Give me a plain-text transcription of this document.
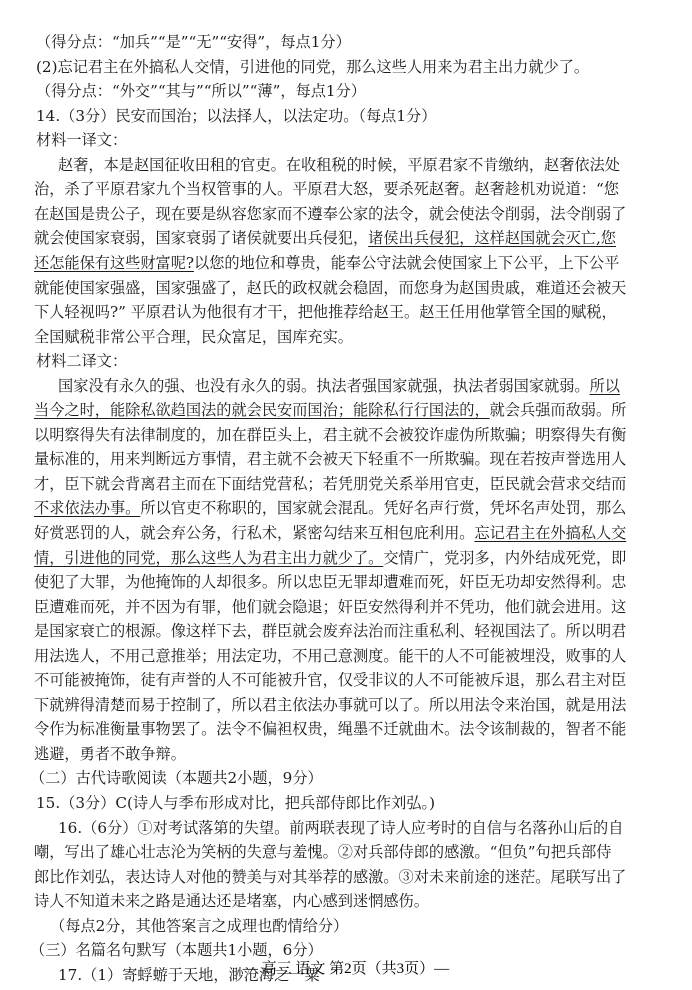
（得分点：“加兵”“是”“无”“安得”，每点1分）
(2)忘记君主在外搞私人交情，引进他的同党，那么这些人用来为君主出力就少了。
（得分点：“外交”“其与”“所以”“薄”，每点1分）
14.（3分）民安而国治；以法择人，以法定功。（每点1分）
材料一译文：
赵奢，本是赵国征收田租的官吏。在收租税的时候，平原君家不肯缴纳，赵奢依法处
治，杀了平原君家九个当权管事的人。平原君大怒，要杀死赵奢。赵奢趁机劝说道：“您
在赵国是贵公子，现在要是纵容您家而不遵奉公家的法令，就会使法令削弱，法令削弱了
就会使国家衰弱，国家衰弱了诸侯就要出兵侵犯，诸侯出兵侵犯，这样赵国就会灭亡,您
还怎能保有这些财富呢?以您的地位和尊贵，能奉公守法就会使国家上下公平，上下公平
就能使国家强盛，国家强盛了，赵氏的政权就会稳固，而您身为赵国贵戚，难道还会被天
下人轻视吗?” 平原君认为他很有才干，把他推荐给赵王。赵王任用他掌管全国的赋税，
全国赋税非常公平合理，民众富足，国库充实。
材料二译文：
国家没有永久的强、也没有永久的弱。执法者强国家就强，执法者弱国家就弱。所以
当今之时，能除私欲趋国法的就会民安而国治；能除私行行国法的，就会兵强而敌弱。所
以明察得失有法律制度的，加在群臣头上，君主就不会被狡诈虚伪所欺骗；明察得失有衡
量标准的，用来判断远方事情，君主就不会被天下轻重不一所欺骗。现在若按声誉选用人
才，臣下就会背离君主而在下面结党营私；若凭朋党关系举用官吏，臣民就会营求交结而
不求依法办事。所以官吏不称职的，国家就会混乱。凭好名声行赏，凭坏名声处罚，那么
好赏恶罚的人，就会弃公务，行私术，紧密勾结来互相包庇利用。忘记君主在外搞私人交
情，引进他的同党，那么这些人为君主出力就少了。交情广，党羽多，内外结成死党，即
使犯了大罪，为他掩饰的人却很多。所以忠臣无罪却遭难而死，奸臣无功却安然得利。忠
臣遭难而死，并不因为有罪，他们就会隐退；奸臣安然得利并不凭功，他们就会进用。这
是国家衰亡的根源。像这样下去，群臣就会废弃法治而注重私利、轻视国法了。所以明君
用法选人，不用己意推举；用法定功，不用己意测度。能干的人不可能被埋没，败事的人
不可能被掩饰，徒有声誉的人不可能被升官，仅受非议的人不可能被斥退，那么君主对臣
下就辨得清楚而易于控制了，所以君主依法办事就可以了。所以用法令来治国，就是用法
令作为标准衡量事物罢了。法令不偏袒权贵，绳墨不迁就曲木。法令该制裁的，智者不能
逃避，勇者不敢争辩。
（二）古代诗歌阅读（本题共2小题，9分）
15.（3分）C(诗人与季布形成对比，把兵部侍郎比作刘弘。)
16.（6分）①对考试落第的失望。前两联表现了诗人应考时的自信与名落孙山后的自
嘲，写出了雄心壮志沦为笑柄的失意与羞愧。②对兵部侍郎的感激。“但负”句把兵部侍
郎比作刘弘，表达诗人对他的赞美与对其举荐的感激。③对未来前途的迷茫。尾联写出了
诗人不知道未来之路是通达还是堵塞，内心感到迷惘感伤。
（每点2分，其他答案言之成理也酌情给分）
（三）名篇名句默写（本题共1小题，6分）
17.（1）寄蜉蝣于天地，渺沧海之一粟
— 高三 语文 第2页（共3页）—
